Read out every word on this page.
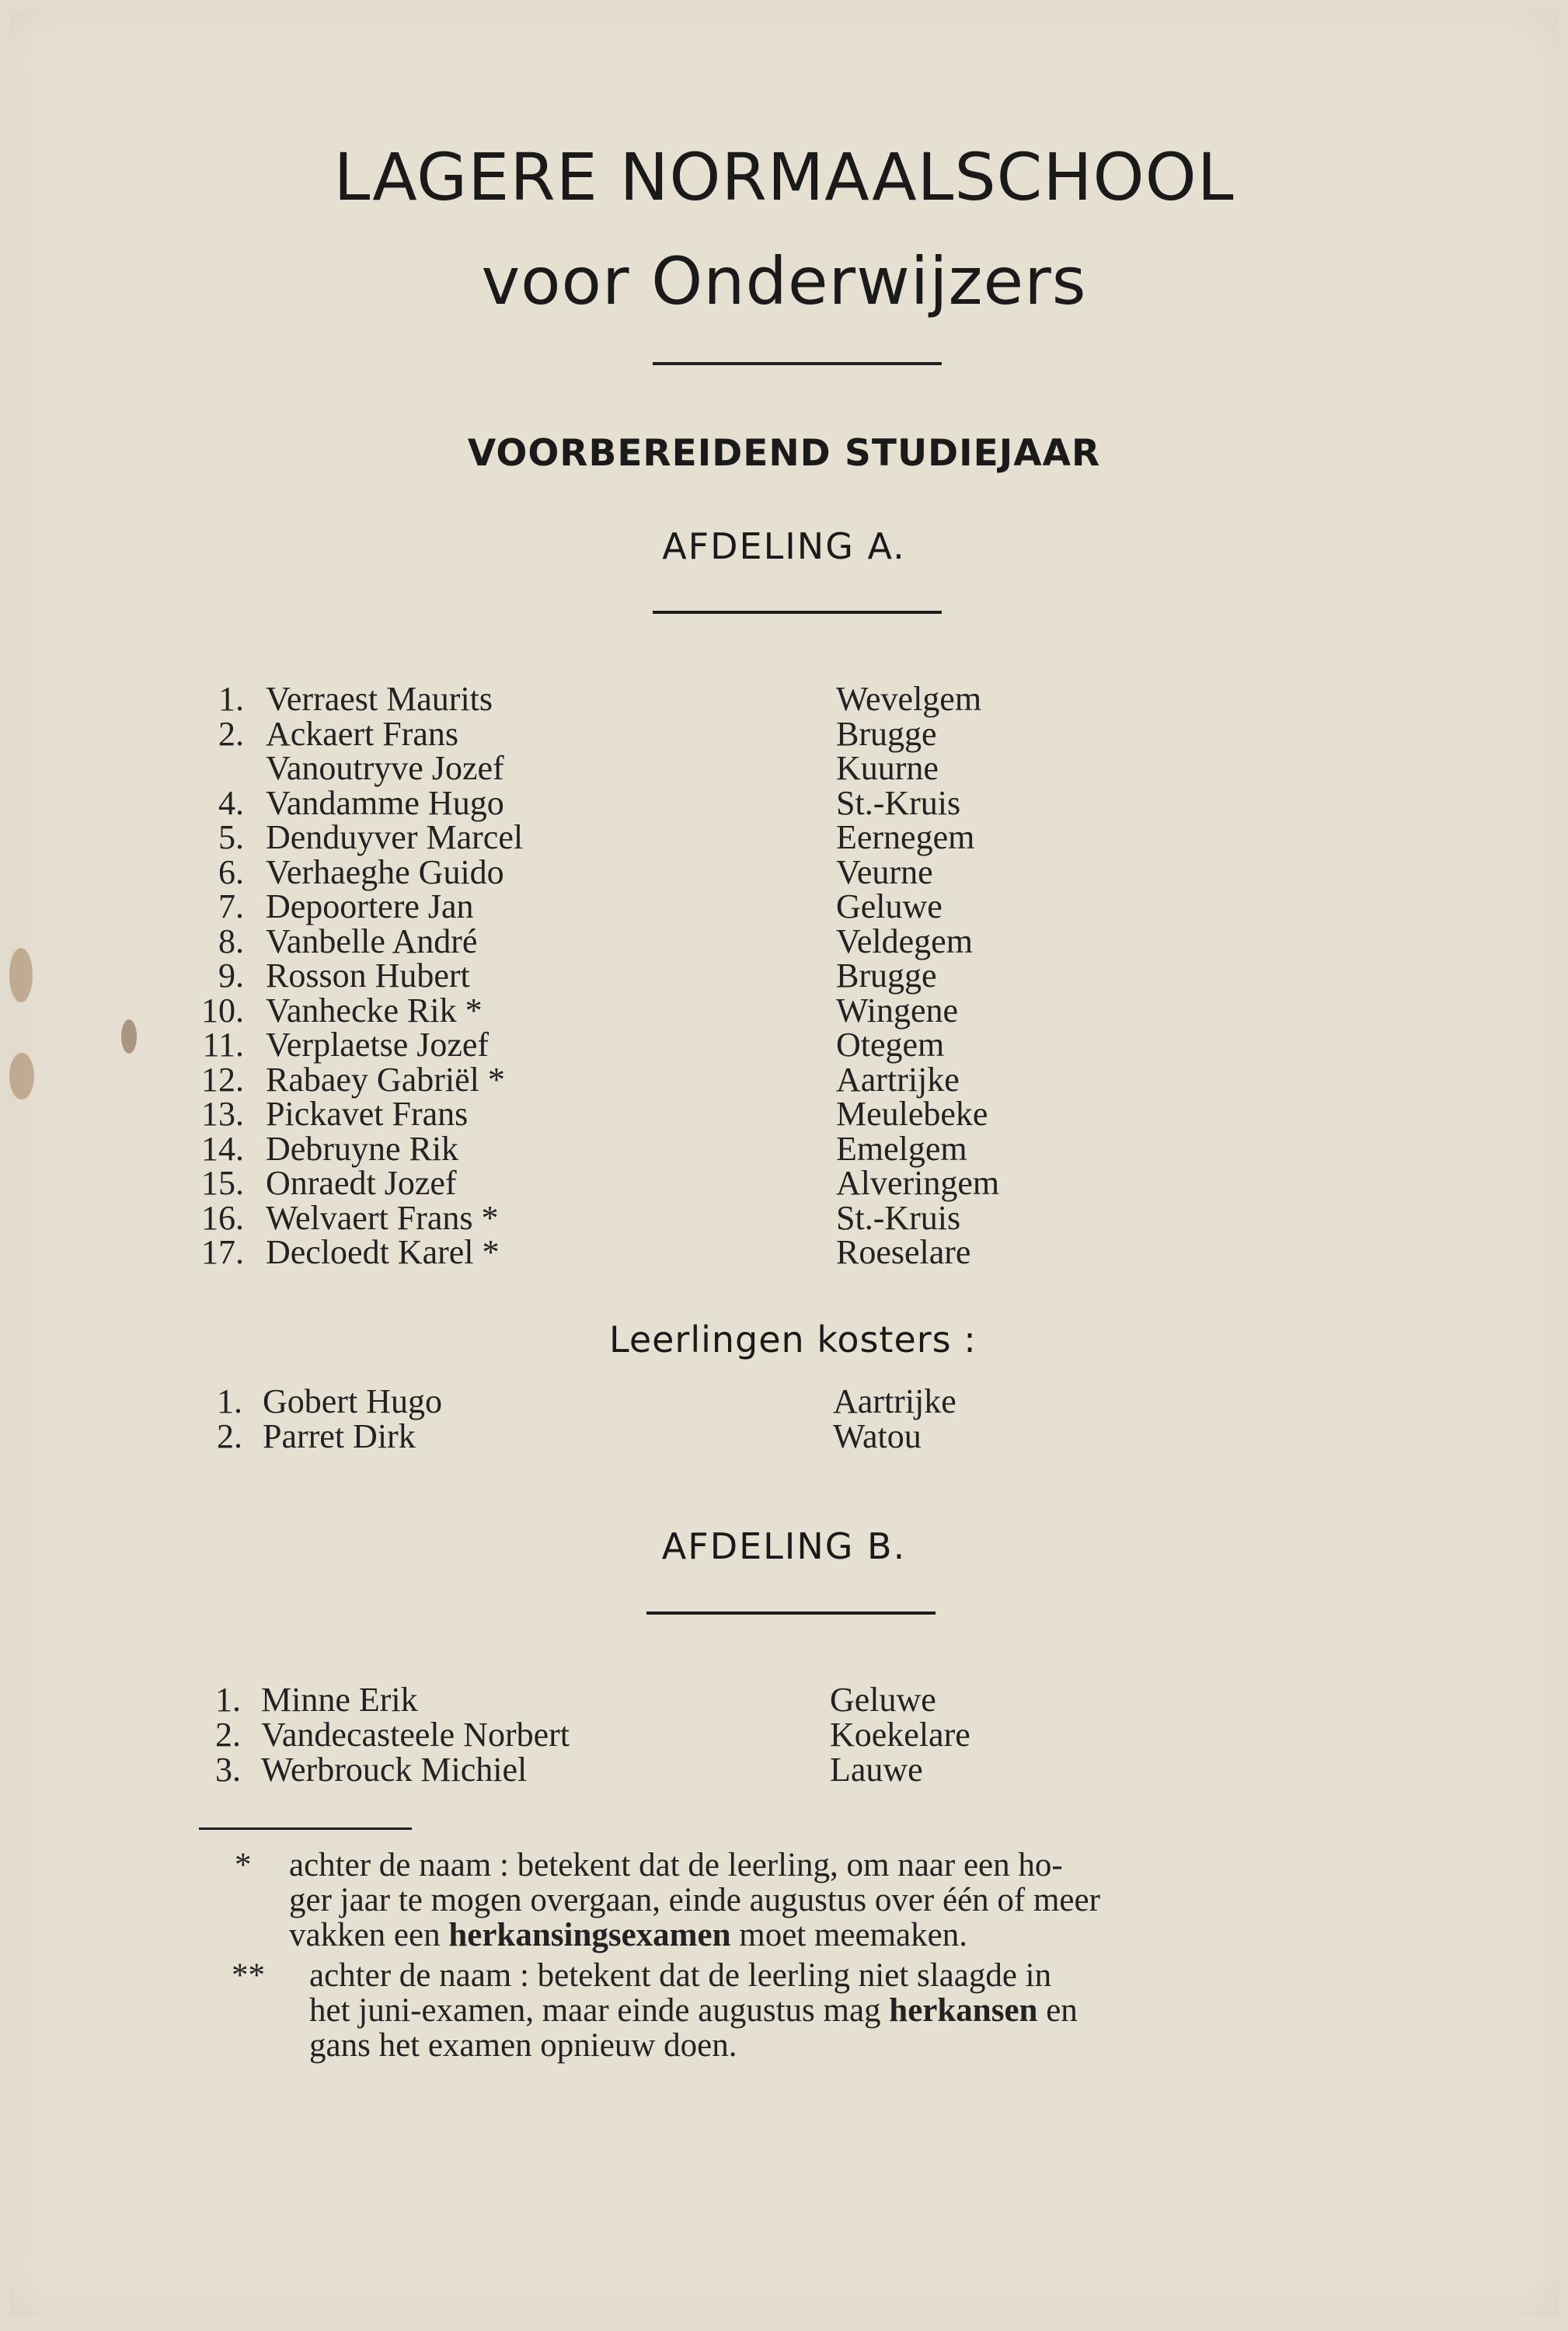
LAGERE NORMAALSCHOOL
voor Onderwijzers
VOORBEREIDEND STUDIEJAAR
AFDELING A.
1. Verraest Maurits	Wevelgem
2. Ackaert Frans	Brugge
Vanoutryve Jozef	Kuurne
4. Vandamme Hugo	St.-Kruis
5. Denduyver Marcel	Eernegem
6. Verhaeghe Guido	Veurne
7. Depoortere Jan	Geluwe
8. Vanbelle André	Veldegem
9. Rosson Hubert	Brugge
10. Vanhecke Rik *	Wingene
11. Verplaetse Jozef	Otegem
12. Rabaey Gabriël *	Aartrijke
13. Pickavet Frans	Meulebeke
14. Debruyne Rik	Emelgem
15. Onraedt Jozef	Alveringem
16. Welvaert Frans *	St.-Kruis
17. Decloedt Karel *	Roeselare
Leerlingen kosters :
1. Gobert Hugo	Aartrijke
2. Parret Dirk	Watou
AFDELING B.
1. Minne Erik	Geluwe
2. Vandecasteele Norbert	Koekelare
3. Werbrouck Michiel	Lauwe
* achter de naam : betekent dat de leerling, om naar een ho-
ger jaar te mogen overgaan, einde augustus over één of meer
vakken een herkansingsexamen moet meemaken.
** achter de naam : betekent dat de leerling niet slaagde in
het juni-examen, maar einde augustus mag herkansen en
gans het examen opnieuw doen.
